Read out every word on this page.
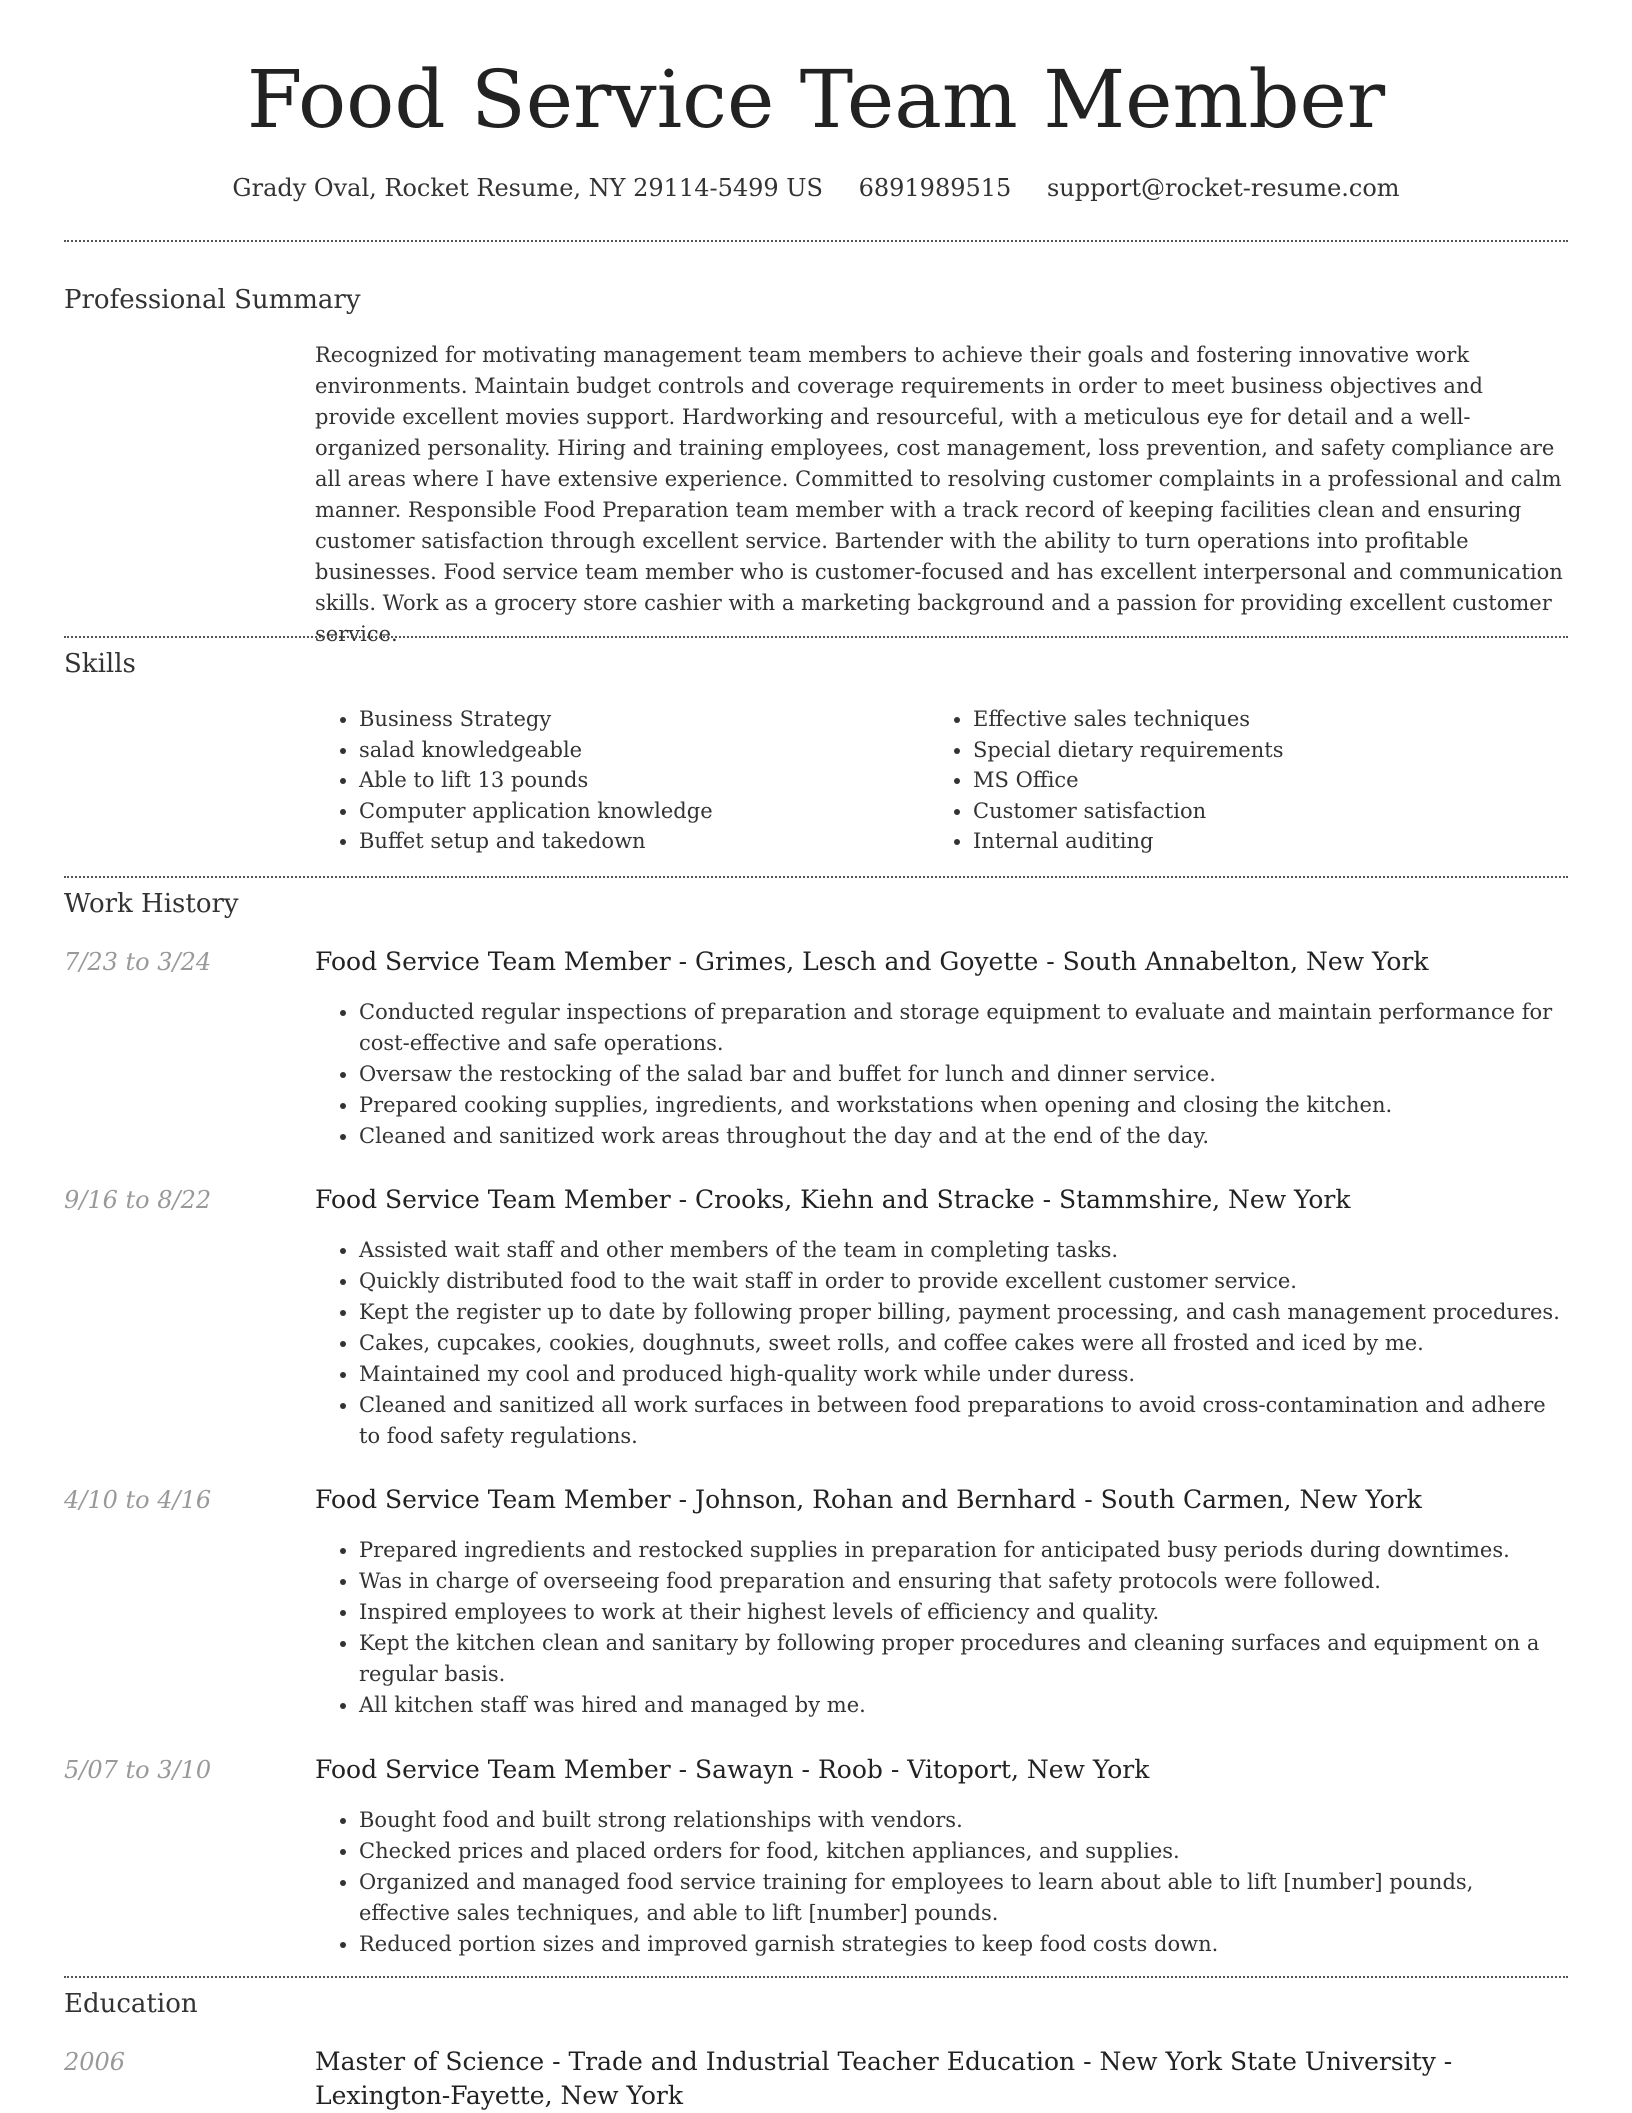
Food Service Team Member
Grady Oval, Rocket Resume, NY 29114-5499 US 6891989515 support@rocket-resume.com
Professional Summary

Recognized for motivating management team members to achieve their goals and fostering innovative work environments. Maintain budget controls and coverage requirements in order to meet business objectives and provide excellent movies support. Hardworking and resourceful, with a meticulous eye for detail and a well-organized personality. Hiring and training employees, cost management, loss prevention, and safety compliance are all areas where I have extensive experience. Committed to resolving customer complaints in a professional and calm manner. Responsible Food Preparation team member with a track record of keeping facilities clean and ensuring customer satisfaction through excellent service. Bartender with the ability to turn operations into profitable businesses. Food service team member who is customer-focused and has excellent interpersonal and communication skills. Work as a grocery store cashier with a marketing background and a passion for providing excellent customer service.

Skills
• Business Strategy
• salad knowledgeable
• Able to lift 13 pounds
• Computer application knowledge
• Buffet setup and takedown
• Effective sales techniques
• Special dietary requirements
• MS Office
• Customer satisfaction
• Internal auditing
Work History
7/23 to 3/24	Food Service Team Member - Grimes, Lesch and Goyette - South Annabelton, New York
• Conducted regular inspections of preparation and storage equipment to evaluate and maintain performance for cost-effective and safe operations.
• Oversaw the restocking of the salad bar and buffet for lunch and dinner service.
• Prepared cooking supplies, ingredients, and workstations when opening and closing the kitchen.
• Cleaned and sanitized work areas throughout the day and at the end of the day.
9/16 to 8/22	Food Service Team Member - Crooks, Kiehn and Stracke - Stammshire, New York
• Assisted wait staff and other members of the team in completing tasks.
• Quickly distributed food to the wait staff in order to provide excellent customer service.
• Kept the register up to date by following proper billing, payment processing, and cash management procedures.
• Cakes, cupcakes, cookies, doughnuts, sweet rolls, and coffee cakes were all frosted and iced by me.
• Maintained my cool and produced high-quality work while under duress.
• Cleaned and sanitized all work surfaces in between food preparations to avoid cross-contamination and adhere to food safety regulations.
4/10 to 4/16	Food Service Team Member - Johnson, Rohan and Bernhard - South Carmen, New York
• Prepared ingredients and restocked supplies in preparation for anticipated busy periods during downtimes.
• Was in charge of overseeing food preparation and ensuring that safety protocols were followed.
• Inspired employees to work at their highest levels of efficiency and quality.
• Kept the kitchen clean and sanitary by following proper procedures and cleaning surfaces and equipment on a regular basis.
• All kitchen staff was hired and managed by me.
5/07 to 3/10	Food Service Team Member - Sawayn - Roob - Vitoport, New York
• Bought food and built strong relationships with vendors.
• Checked prices and placed orders for food, kitchen appliances, and supplies.
• Organized and managed food service training for employees to learn about able to lift [number] pounds, effective sales techniques, and able to lift [number] pounds.
• Reduced portion sizes and improved garnish strategies to keep food costs down.
Education
2006	Master of Science - Trade and Industrial Teacher Education - New York State University - Lexington-Fayette, New York
